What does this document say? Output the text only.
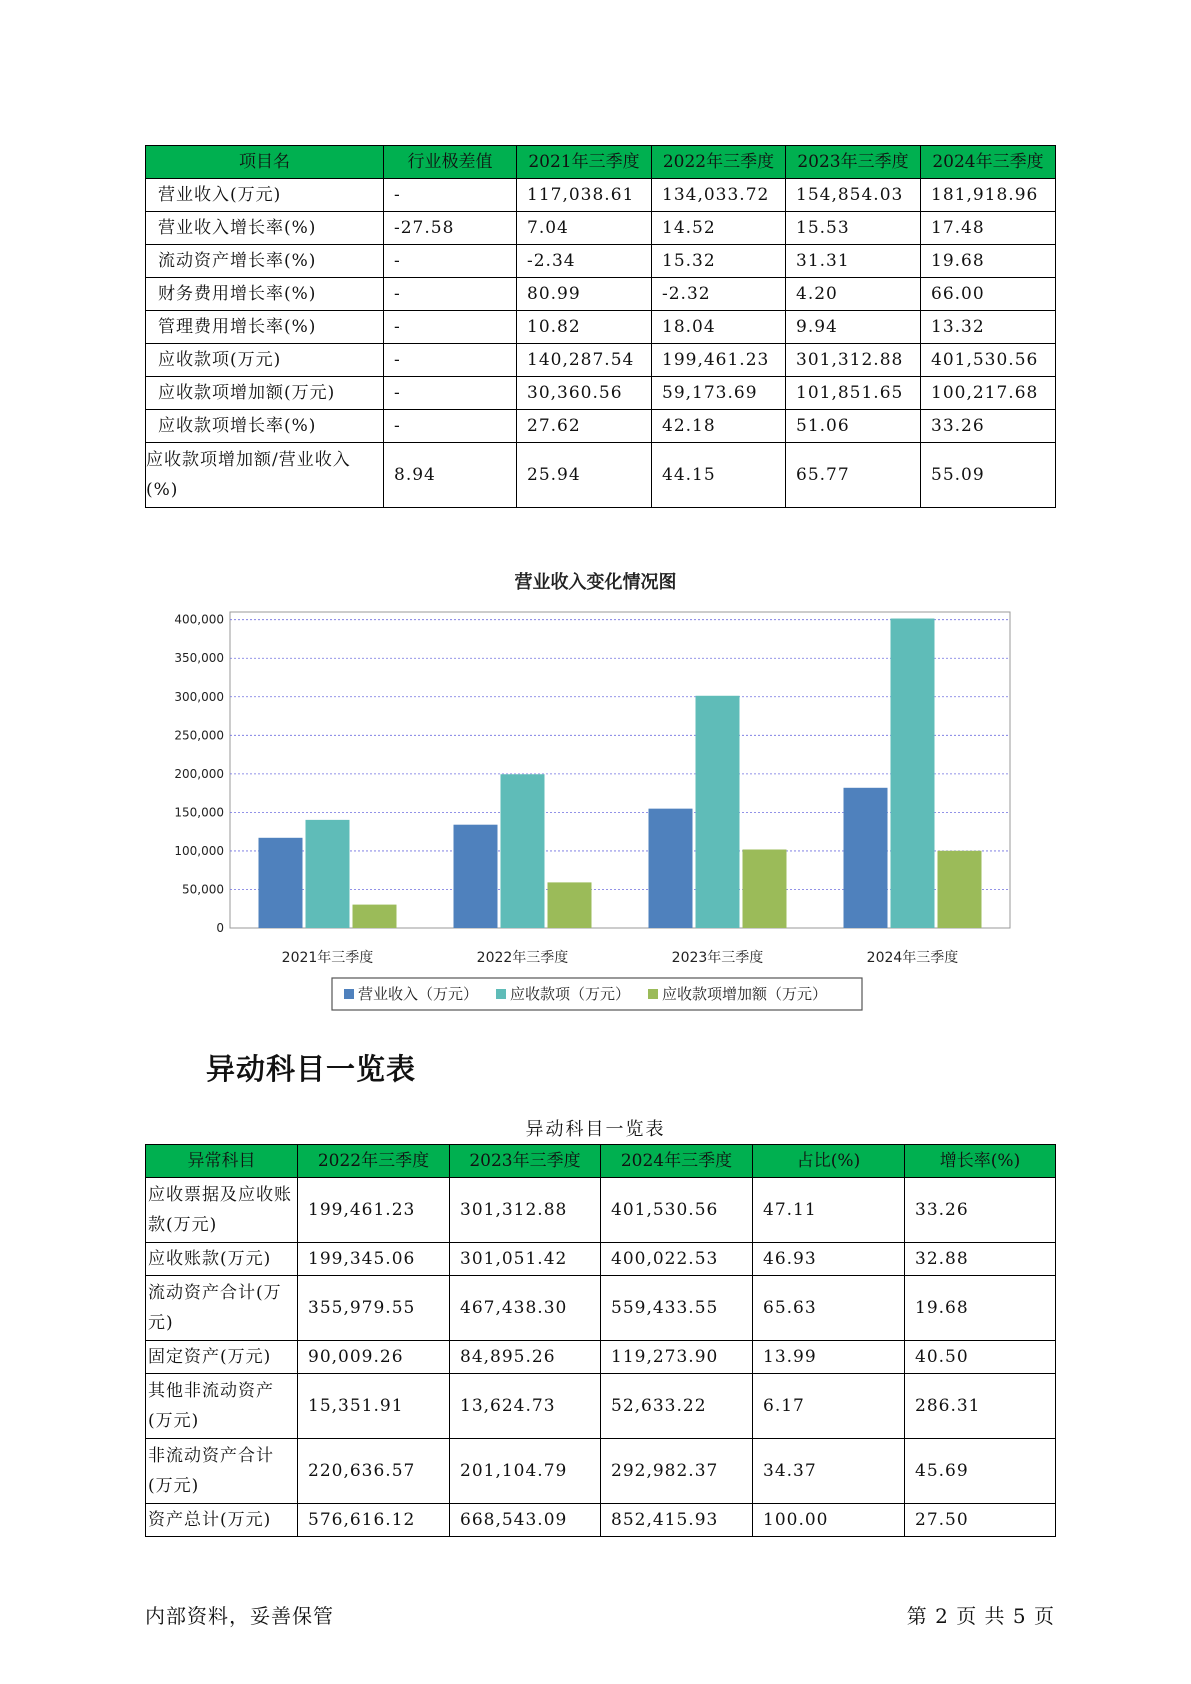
项目名	行业极差值	2021年三季度	2022年三季度	2023年三季度	2024年三季度
营业收入(万元)	-	117,038.61	134,033.72	154,854.03	181,918.96
营业收入增长率(%)	-27.58	7.04	14.52	15.53	17.48
流动资产增长率(%)	-	-2.34	15.32	31.31	19.68
财务费用增长率(%)	-	80.99	-2.32	4.20	66.00
管理费用增长率(%)	-	10.82	18.04	9.94	13.32
应收款项(万元)	-	140,287.54	199,461.23	301,312.88	401,530.56
应收款项增加额(万元)	-	30,360.56	59,173.69	101,851.65	100,217.68
应收款项增长率(%)	-	27.62	42.18	51.06	33.26
应收款项增加额/营业收入(%)	8.94	25.94	44.15	65.77	55.09
营业收入变化情况图
0
50,000
100,000
150,000
200,000
250,000
300,000
350,000
400,000
2021年三季度	2022年三季度	2023年三季度	2024年三季度
营业收入（万元） 应收款项（万元） 应收款项增加额（万元）
异动科目一览表
异动科目一览表
异常科目	2022年三季度	2023年三季度	2024年三季度	占比(%)	增长率(%)
应收票据及应收账款(万元)	199,461.23	301,312.88	401,530.56	47.11	33.26
应收账款(万元)	199,345.06	301,051.42	400,022.53	46.93	32.88
流动资产合计(万元)	355,979.55	467,438.30	559,433.55	65.63	19.68
固定资产(万元)	90,009.26	84,895.26	119,273.90	13.99	40.50
其他非流动资产(万元)	15,351.91	13,624.73	52,633.22	6.17	286.31
非流动资产合计(万元)	220,636.57	201,104.79	292,982.37	34.37	45.69
资产总计(万元)	576,616.12	668,543.09	852,415.93	100.00	27.50
内部资料，妥善保管	第 2 页 共 5 页
